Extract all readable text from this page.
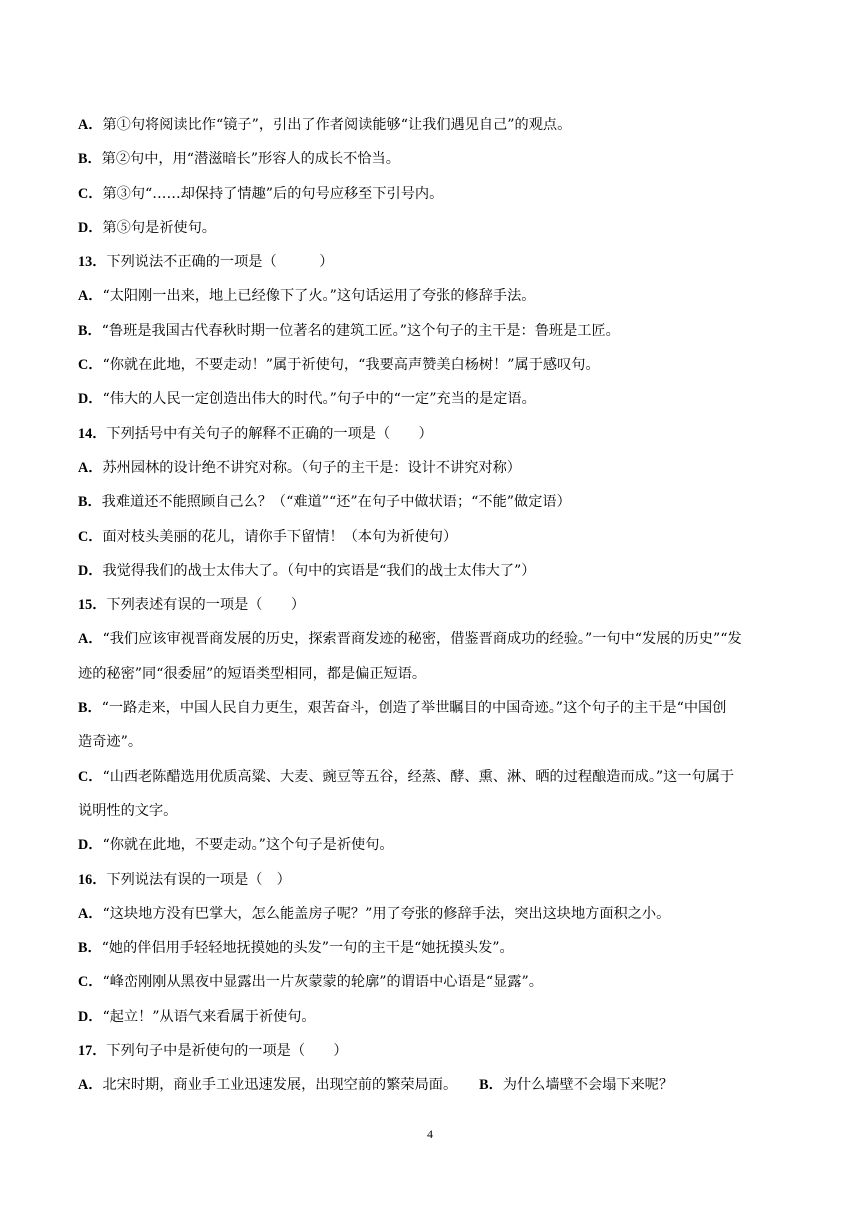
A．第①句将阅读比作“镜子”，引出了作者阅读能够“让我们遇见自己”的观点。
B．第②句中，用“潜滋暗长”形容人的成长不恰当。
C．第③句“……却保持了情趣”后的句号应移至下引号内。
D．第⑤句是祈使句。
13．下列说法不正确的一项是（　　　）
A．“太阳刚一出来，地上已经像下了火。”这句话运用了夸张的修辞手法。
B．“鲁班是我国古代春秋时期一位著名的建筑工匠。”这个句子的主干是：鲁班是工匠。
C．“你就在此地，不要走动！”属于祈使句，“我要高声赞美白杨树！”属于感叹句。
D．“伟大的人民一定创造出伟大的时代。”句子中的“一定”充当的是定语。
14．下列括号中有关句子的解释不正确的一项是（　　）
A．苏州园林的设计绝不讲究对称。（句子的主干是：设计不讲究对称）
B．我难道还不能照顾自己么？（“难道”“还”在句子中做状语；“不能”做定语）
C．面对枝头美丽的花儿，请你手下留情！（本句为祈使句）
D．我觉得我们的战士太伟大了。（句中的宾语是“我们的战士太伟大了”）
15．下列表述有误的一项是（　　）
A．“我们应该审视晋商发展的历史，探索晋商发迹的秘密，借鉴晋商成功的经验。”一句中“发展的历史”“发
迹的秘密”同“很委屈”的短语类型相同，都是偏正短语。
B．“一路走来，中国人民自力更生，艰苦奋斗，创造了举世瞩目的中国奇迹。”这个句子的主干是“中国创
造奇迹”。
C．“山西老陈醋选用优质高粱、大麦、豌豆等五谷，经蒸、酵、熏、淋、晒的过程酿造而成。”这一句属于
说明性的文字。
D．“你就在此地，不要走动。”这个句子是祈使句。
16．下列说法有误的一项是（　）
A．“这块地方没有巴掌大，怎么能盖房子呢？”用了夸张的修辞手法，突出这块地方面积之小。
B．“她的伴侣用手轻轻地抚摸她的头发”一句的主干是“她抚摸头发”。
C．“峰峦刚刚从黑夜中显露出一片灰蒙蒙的轮廓”的谓语中心语是“显露”。
D．“起立！”从语气来看属于祈使句。
17．下列句子中是祈使句的一项是（　　）
A．北宋时期，商业手工业迅速发展，出现空前的繁荣局面。 B．为什么墙壁不会塌下来呢？
4
